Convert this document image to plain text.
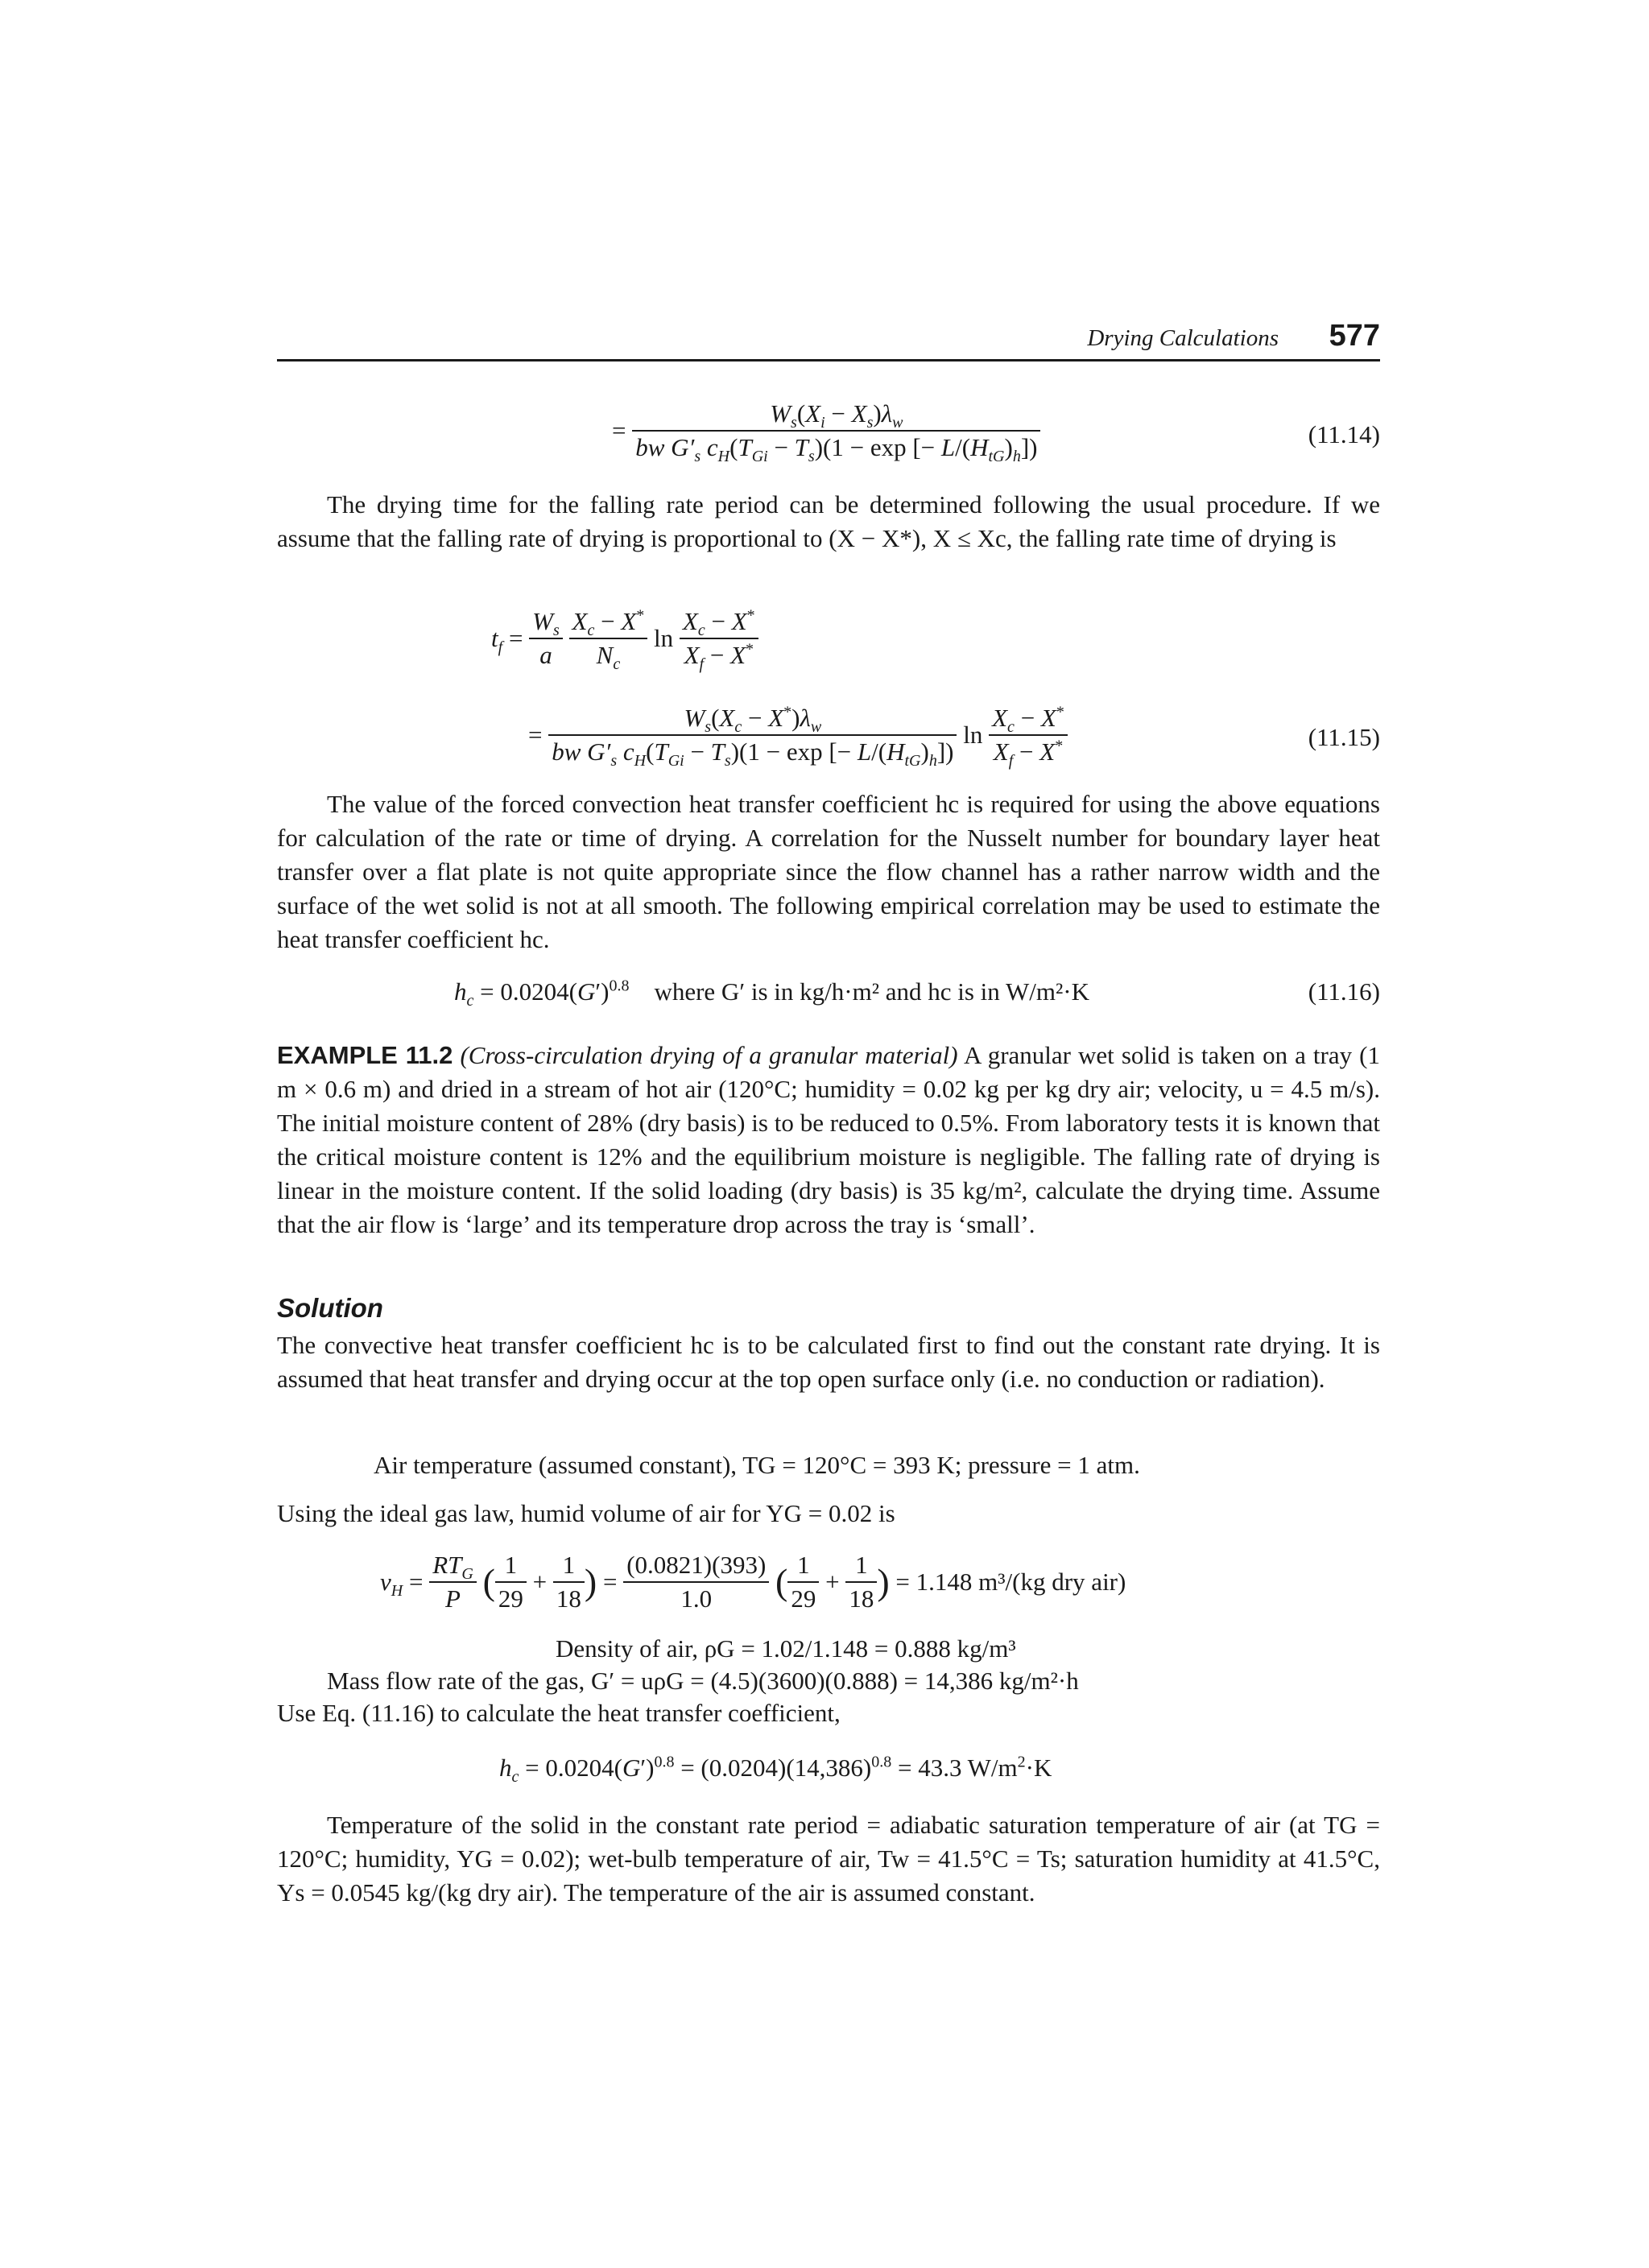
Drying Calculations 577
= $\frac{W_s(X_i - X_s)\lambda_w}{bw G'_s c_H(T_{Gi} - T_s)(1 - \exp [- L/(H_{tG})_h])}$	(11.14)
The drying time for the falling rate period can be determined following the usual procedure. If we assume that the falling rate of drying is proportional to (X − X*), X ≤ Xc, the falling rate time of drying is
$t_f = \frac{W_s}{a}$
$\frac{X_c - X^*}{N_c}$ $\ln \frac{X_c - X^*}{X_f - X^*}$
= $\frac{W_s(X_c - X^*)\lambda_w}{bw G'_s c_H(T_{Gi} - T_s)(1 - \exp [- L/(H_{tG})_h])}$ $\ln \frac{X_c - X^*}{X_f - X^*}$	(11.15)
The value of the forced convection heat transfer coefficient hc is required for using the above equations for calculation of the rate or time of drying. A correlation for the Nusselt number for boundary layer heat transfer over a flat plate is not quite appropriate since the flow channel has a rather narrow width and the surface of the wet solid is not at all smooth. The following empirical correlation may be used to estimate the heat transfer coefficient hc.
$h_c = 0.0204(G')^{0.8}$ where G′ is in kg/h·m² and hc is in W/m²·K	(11.16)
EXAMPLE 11.2 (Cross-circulation drying of a granular material) A granular wet solid is taken on a tray (1 m × 0.6 m) and dried in a stream of hot air (120°C; humidity = 0.02 kg per kg dry air; velocity, u = 4.5 m/s). The initial moisture content of 28% (dry basis) is to be reduced to 0.5%. From laboratory tests it is known that the critical moisture content is 12% and the equilibrium moisture is negligible. The falling rate of drying is linear in the moisture content. If the solid loading (dry basis) is 35 kg/m², calculate the drying time. Assume that the air flow is ‘large’ and its temperature drop across the tray is ‘small’.
Solution
The convective heat transfer coefficient hc is to be calculated first to find out the constant rate drying. It is assumed that heat transfer and drying occur at the top open surface only (i.e. no conduction or radiation).
Air temperature (assumed constant), TG = 120°C = 393 K; pressure = 1 atm.
Using the ideal gas law, humid volume of air for YG = 0.02 is
$v_H = \frac{RT_G}{P}$ ( $\frac{1}{29} + \frac{1}{18}$ ) = $\frac{(0.0821)(393)}{1.0}$ ( $\frac{1}{29} + \frac{1}{18}$ ) = 1.148 m³/(kg dry air)
Density of air, ρG = 1.02/1.148 = 0.888 kg/m³
Mass flow rate of the gas, G′ = uρG = (4.5)(3600)(0.888) = 14,386 kg/m²·h
Use Eq. (11.16) to calculate the heat transfer coefficient,
$h_c = 0.0204(G')^{0.8} = (0.0204)(14,386)^{0.8} = 43.3$ $W/m^2\cdot K$
Temperature of the solid in the constant rate period = adiabatic saturation temperature of air (at TG = 120°C; humidity, YG = 0.02); wet-bulb temperature of air, Tw = 41.5°C = Ts; saturation humidity at 41.5°C, Ys = 0.0545 kg/(kg dry air). The temperature of the air is assumed constant.
